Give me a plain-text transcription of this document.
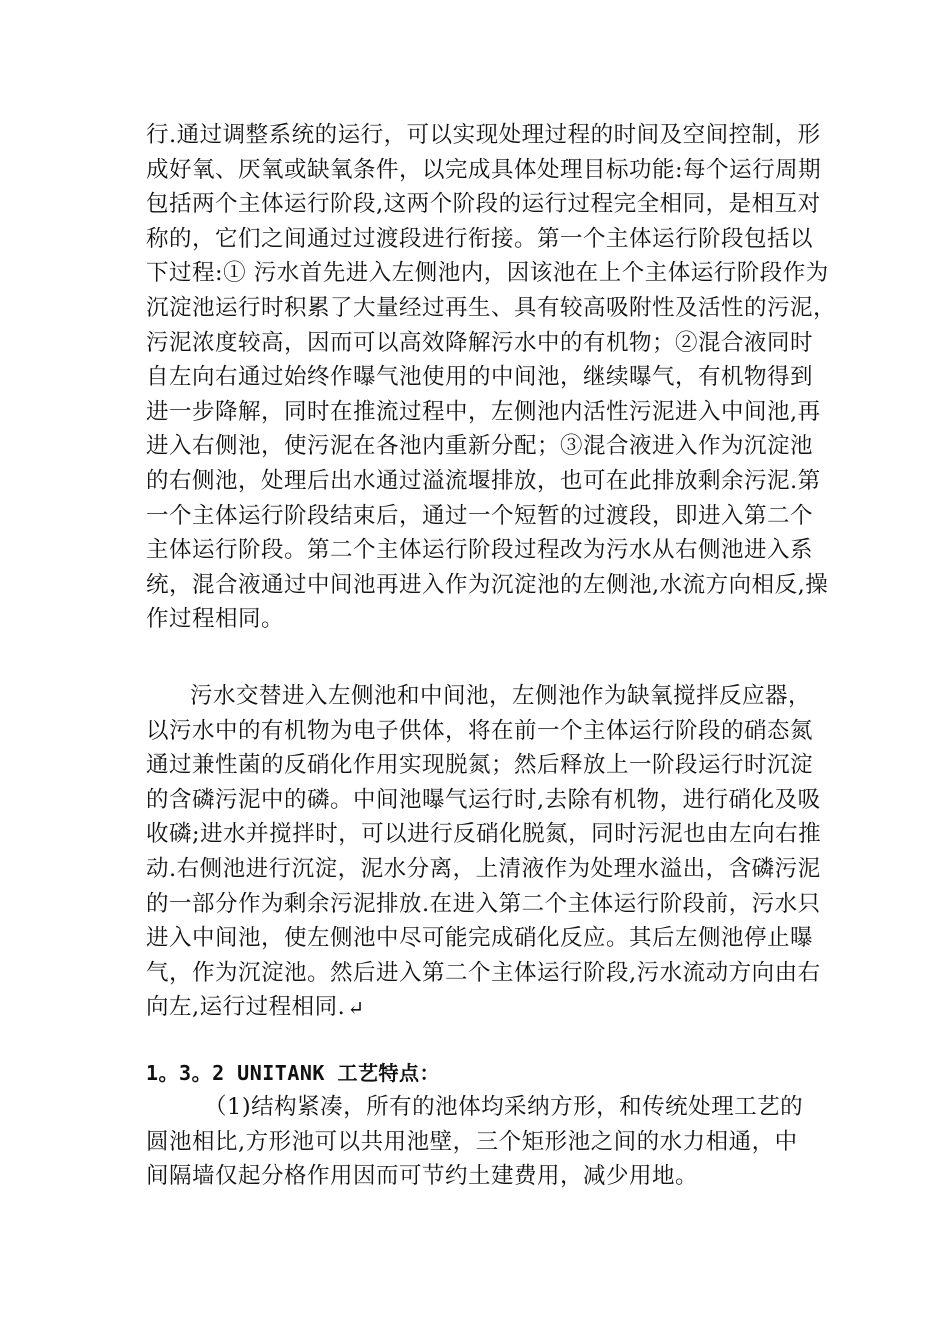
行.通过调整系统的运行，可以实现处理过程的时间及空间控制，形
成好氧、厌氧或缺氧条件，以完成具体处理目标功能:每个运行周期
包括两个主体运行阶段,这两个阶段的运行过程完全相同，是相互对
称的，它们之间通过过渡段进行衔接。第一个主体运行阶段包括以
下过程:① 污水首先进入左侧池内，因该池在上个主体运行阶段作为
沉淀池运行时积累了大量经过再生、具有较高吸附性及活性的污泥，
污泥浓度较高，因而可以高效降解污水中的有机物；②混合液同时
自左向右通过始终作曝气池使用的中间池，继续曝气，有机物得到
进一步降解，同时在推流过程中，左侧池内活性污泥进入中间池,再
进入右侧池，使污泥在各池内重新分配；③混合液进入作为沉淀池
的右侧池，处理后出水通过溢流堰排放，也可在此排放剩余污泥.第
一个主体运行阶段结束后，通过一个短暂的过渡段，即进入第二个
主体运行阶段。第二个主体运行阶段过程改为污水从右侧池进入系
统，混合液通过中间池再进入作为沉淀池的左侧池,水流方向相反,操
作过程相同。
污水交替进入左侧池和中间池，左侧池作为缺氧搅拌反应器，
以污水中的有机物为电子供体，将在前一个主体运行阶段的硝态氮
通过兼性菌的反硝化作用实现脱氮；然后释放上一阶段运行时沉淀
的含磷污泥中的磷。中间池曝气运行时,去除有机物，进行硝化及吸
收磷;进水并搅拌时，可以进行反硝化脱氮，同时污泥也由左向右推
动.右侧池进行沉淀，泥水分离，上清液作为处理水溢出，含磷污泥
的一部分作为剩余污泥排放.在进入第二个主体运行阶段前，污水只
进入中间池，使左侧池中尽可能完成硝化反应。其后左侧池停止曝
气，作为沉淀池。然后进入第二个主体运行阶段,污水流动方向由右
向左,运行过程相同. ↵
1。3。2 UNITANK 工艺特点：
（1)结构紧凑，所有的池体均采纳方形，和传统处理工艺的
圆池相比,方形池可以共用池壁，三个矩形池之间的水力相通，中
间隔墙仅起分格作用因而可节约土建费用，减少用地。
